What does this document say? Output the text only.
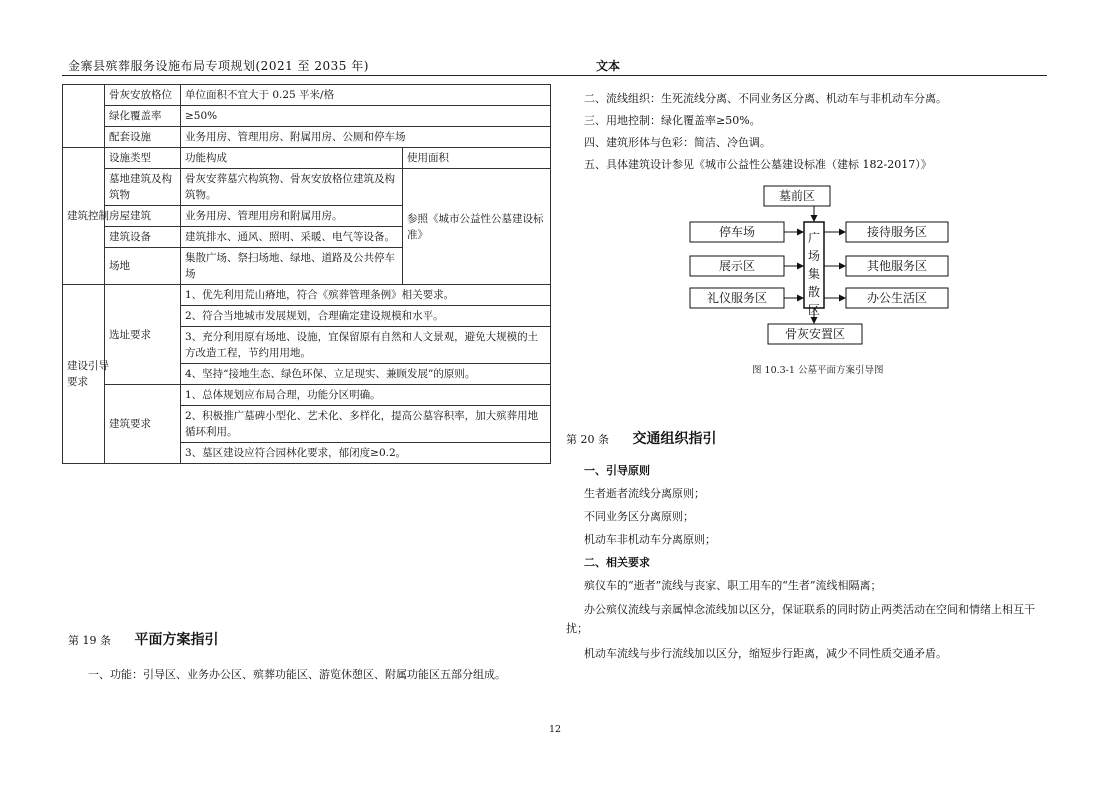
金寨县殡葬服务设施布局专项规划(2021 至 2035 年)	文本
	骨灰安放格位	单位面积不宜大于 0.25 平米/格	
	绿化覆盖率	≥50%	
	配套设施	业务用房、管理用房、附属用房、公厕和停车场	
建筑控制	设施类型	功能构成	使用面积
	墓地建筑及构筑物	骨灰安葬墓穴构筑物、骨灰安放格位建筑及构筑物。	参照《城市公益性公墓建设标准》
	房屋建筑	业务用房、管理用房和附属用房。	
	建筑设备	建筑排水、通风、照明、采暖、电气等设备。	
	场地	集散广场、祭扫场地、绿地、道路及公共停车场	
建设引导要求	选址要求	1、优先利用荒山瘠地，符合《殡葬管理条例》相关要求。	
		2、符合当地城市发展规划，合理确定建设规模和水平。	
		3、充分利用原有场地、设施，宜保留原有自然和人文景观，避免大规模的土方改造工程，节约用用地。	
		4、坚持“接地生态、绿色环保、立足现实、兼顾发展”的原则。	
	建筑要求	1、总体规划应布局合理，功能分区明确。	
		2、积极推广墓碑小型化、艺术化、多样化，提高公墓容积率，加大殡葬用地循环利用。	
		3、墓区建设应符合园林化要求，郁闭度≥0.2。	
第 19 条 平面方案指引
一、功能：引导区、业务办公区、殡葬功能区、游览休憩区、附属功能区五部分组成。
二、流线组织：生死流线分离、不同业务区分离、机动车与非机动车分离。
三、用地控制：绿化覆盖率≥50%。
四、建筑形体与色彩：简洁、冷色调。
五、具体建筑设计参见《城市公益性公墓建设标准（建标 182-2017）》
墓前区
停车场
展示区
礼仪服务区
接待服务区
其他服务区
办公生活区
骨灰安置区
广
场
集
散
区
图 10.3-1 公墓平面方案引导图
第 20 条 交通组织指引
一、引导原则
生者逝者流线分离原则；
不同业务区分离原则；
机动车非机动车分离原则；
二、相关要求
殡仪车的“逝者”流线与丧家、职工用车的“生者”流线相隔离；
办公殡仪流线与亲属悼念流线加以区分，保证联系的同时防止两类活动在空间和情绪上相互干扰；
机动车流线与步行流线加以区分，缩短步行距离，减少不同性质交通矛盾。
12
